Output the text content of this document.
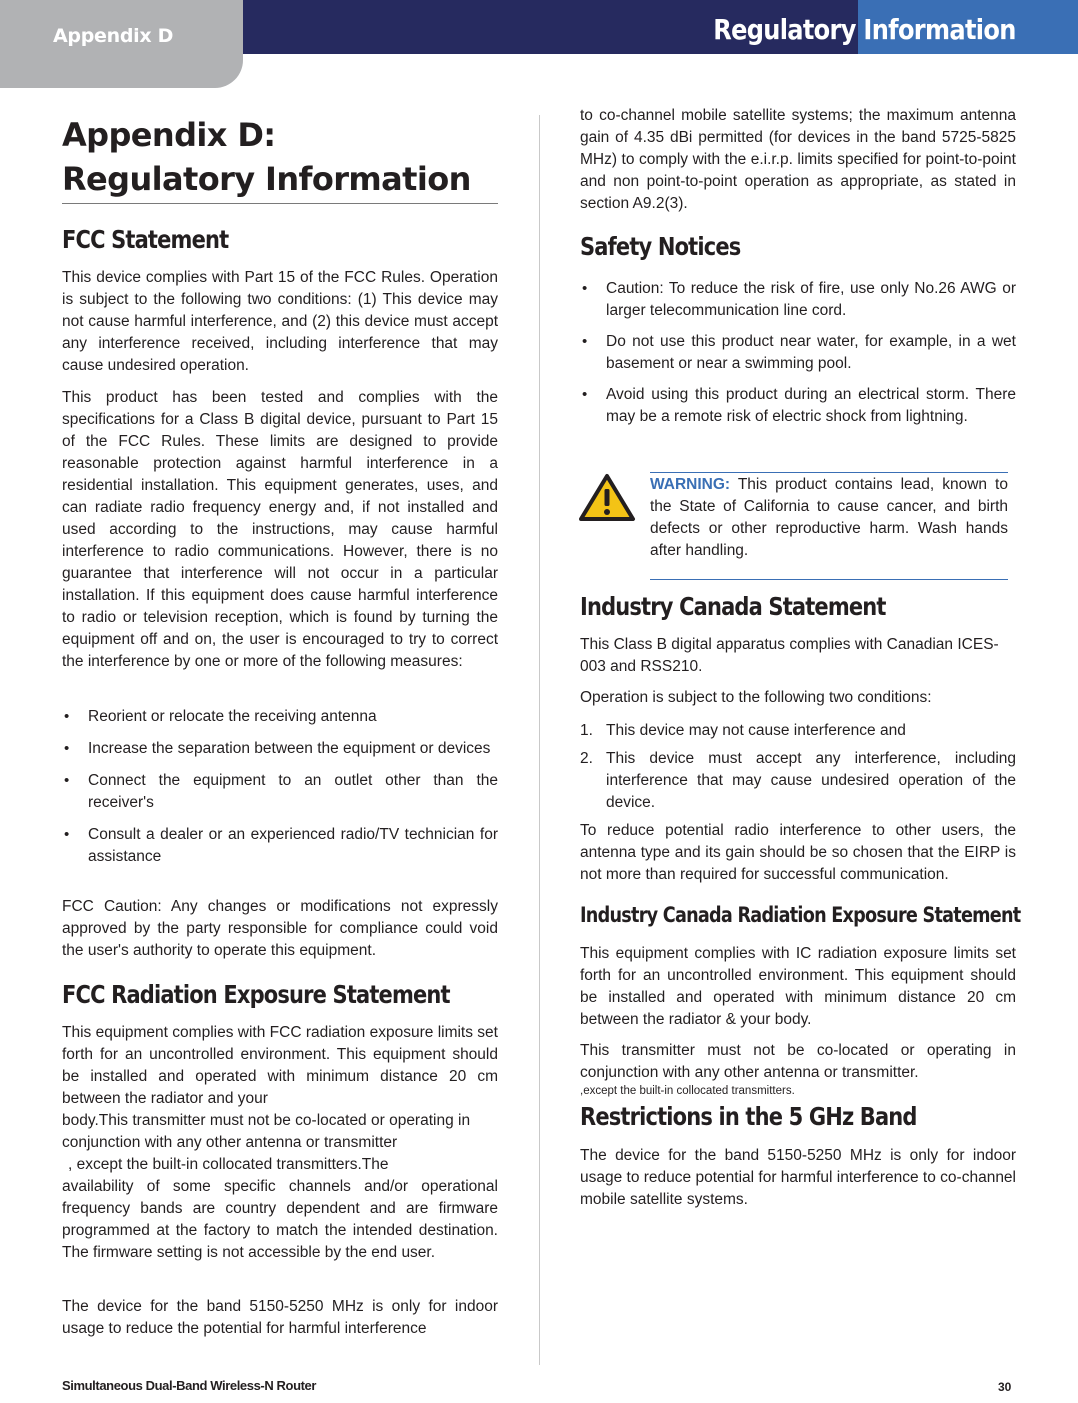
Appendix D	Regulatory Information
Appendix D:
Regulatory Information
FCC Statement
This device complies with Part 15 of the FCC Rules. Operation is subject to the following two conditions: (1) This device may not cause harmful interference, and (2) this device must accept any interference received, including interference that may cause undesired operation.
This product has been tested and complies with the specifications for a Class B digital device, pursuant to Part 15 of the FCC Rules. These limits are designed to provide reasonable protection against harmful interference in a residential installation. This equipment generates, uses, and can radiate radio frequency energy and, if not installed and used according to the instructions, may cause harmful interference to radio communications. However, there is no guarantee that interference will not occur in a particular installation. If this equipment does cause harmful interference to radio or television reception, which is found by turning the equipment off and on, the user is encouraged to try to correct the interference by one or more of the following measures:
• Reorient or relocate the receiving antenna
• Increase the separation between the equipment or devices
• Connect the equipment to an outlet other than the receiver's
• Consult a dealer or an experienced radio/TV technician for assistance
FCC Caution: Any changes or modifications not expressly approved by the party responsible for compliance could void the user's authority to operate this equipment.
FCC Radiation Exposure Statement
This equipment complies with FCC radiation exposure limits set forth for an uncontrolled environment. This equipment should be installed and operated with minimum distance 20 cm between the radiator and your
body.This transmitter must not be co-located or operating in
conjunction with any other antenna or transmitter
, except the built-in collocated transmitters.The
availability of some specific channels and/or operational frequency bands are country dependent and are firmware programmed at the factory to match the intended destination. The firmware setting is not accessible by the end user.
The device for the band 5150-5250 MHz is only for indoor usage to reduce the potential for harmful interference
to co-channel mobile satellite systems; the maximum antenna gain of 4.35 dBi permitted (for devices in the band 5725-5825 MHz) to comply with the e.i.r.p. limits specified for point-to-point and non point-to-point operation as appropriate, as stated in section A9.2(3).
Safety Notices
• Caution: To reduce the risk of fire, use only No.26 AWG or larger telecommunication line cord.
• Do not use this product near water, for example, in a wet basement or near a swimming pool.
• Avoid using this product during an electrical storm. There may be a remote risk of electric shock from lightning.
WARNING: This product contains lead, known to the State of California to cause cancer, and birth defects or other reproductive harm. Wash hands after handling.
Industry Canada Statement
This Class B digital apparatus complies with Canadian ICES-003 and RSS210.
Operation is subject to the following two conditions:
1. This device may not cause interference and
2. This device must accept any interference, including interference that may cause undesired operation of the device.
To reduce potential radio interference to other users, the antenna type and its gain should be so chosen that the EIRP is not more than required for successful communication.
Industry Canada Radiation Exposure Statement
This equipment complies with IC radiation exposure limits set forth for an uncontrolled environment. This equipment should be installed and operated with minimum distance 20 cm between the radiator & your body.
This transmitter must not be co-located or operating in conjunction with any other antenna or transmitter.
,except the built-in collocated transmitters.
Restrictions in the 5 GHz Band
The device for the band 5150-5250 MHz is only for indoor usage to reduce potential for harmful interference to co-channel mobile satellite systems.
Simultaneous Dual-Band Wireless-N Router	30
